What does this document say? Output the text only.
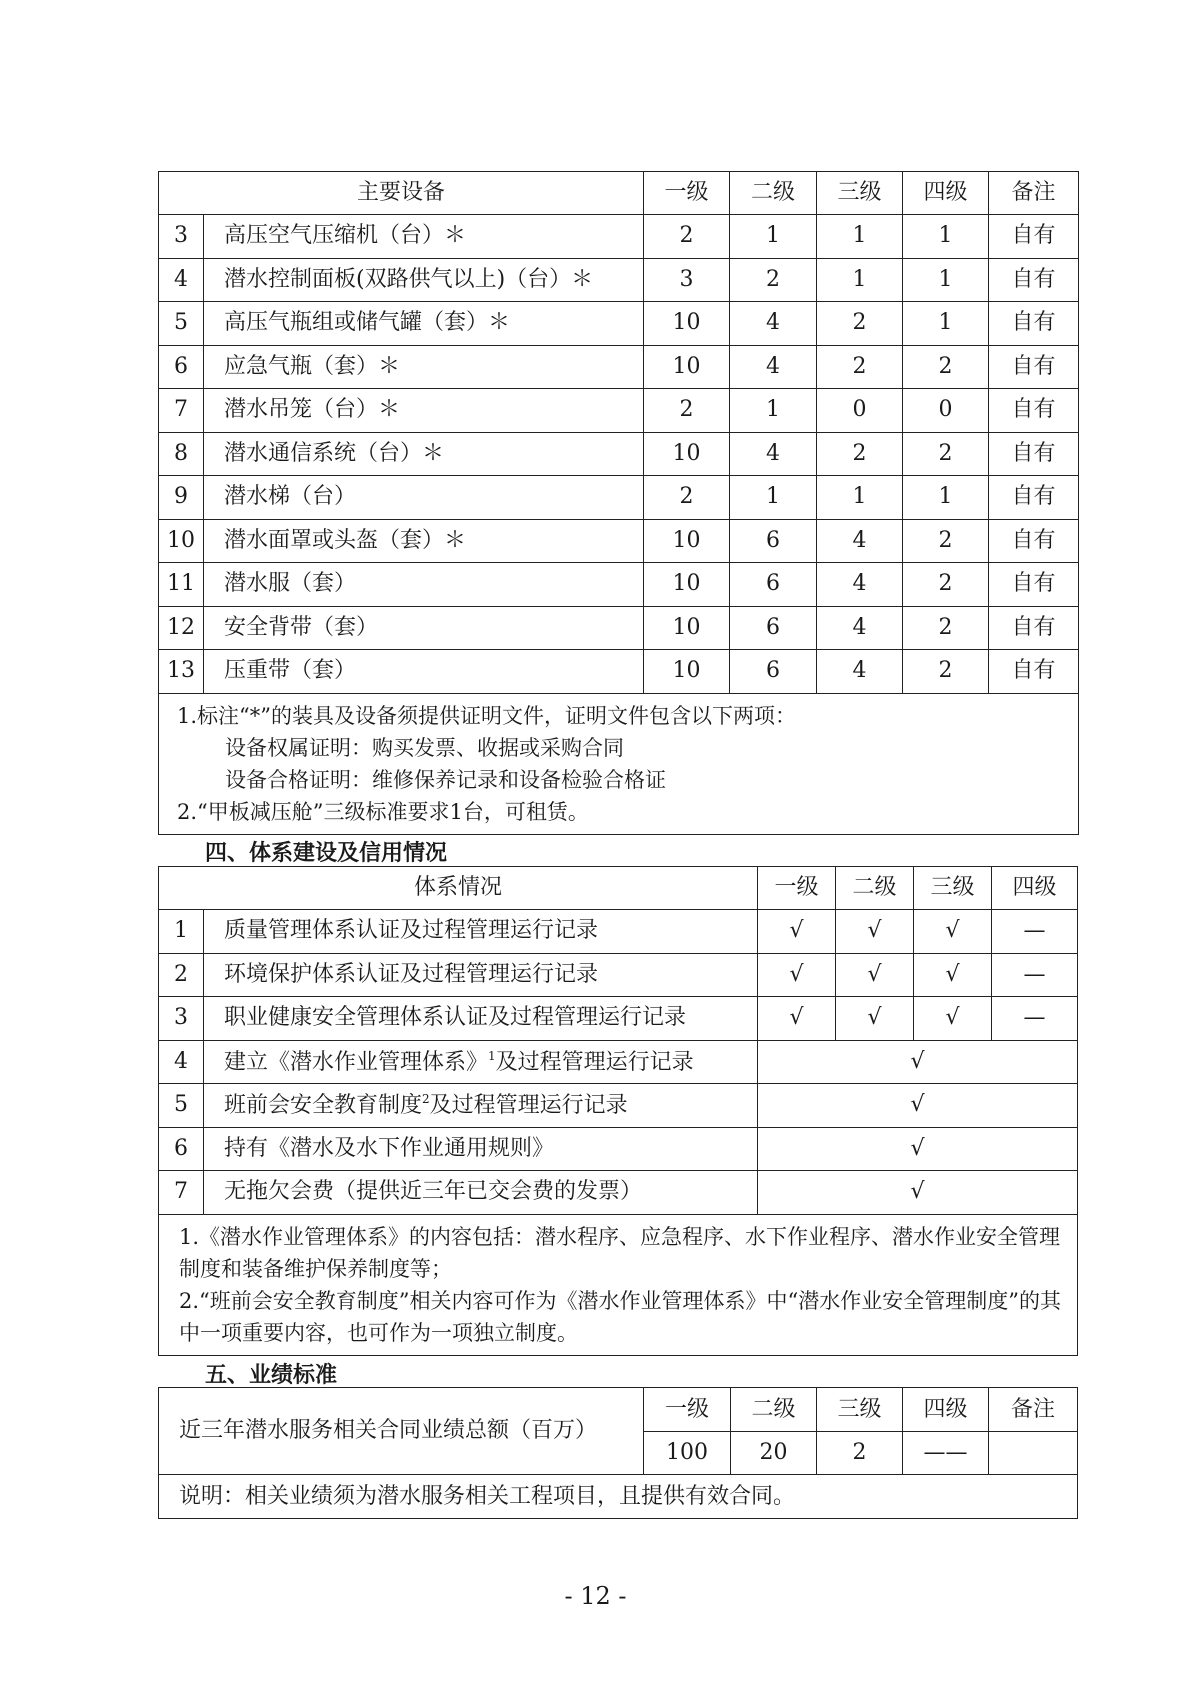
主要设备		一级	二级	三级	四级	备注
3	高压空气压缩机（台）＊	2	1	1	1	自有
4	潜水控制面板(双路供气以上)（台）＊	3	2	1	1	自有
5	高压气瓶组或储气罐（套）＊	10	4	2	1	自有
6	应急气瓶（套）＊	10	4	2	2	自有
7	潜水吊笼（台）＊	2	1	0	0	自有
8	潜水通信系统（台）＊	10	4	2	2	自有
9	潜水梯（台）	2	1	1	1	自有
10	潜水面罩或头盔（套）＊	10	6	4	2	自有
11	潜水服（套）	10	6	4	2	自有
12	安全背带（套）	10	6	4	2	自有
13	压重带（套）	10	6	4	2	自有

1.标注“*”的装具及设备须提供证明文件，证明文件包含以下两项：
设备权属证明：购买发票、收据或采购合同
设备合格证明：维修保养记录和设备检验合格证
2.“甲板减压舱”三级标准要求1台，可租赁。						
四、体系建设及信用情况
体系情况		一级	二级	三级	四级
1	质量管理体系认证及过程管理运行记录	√	√	√	—
2	环境保护体系认证及过程管理运行记录	√	√	√	—
3	职业健康安全管理体系认证及过程管理运行记录	√	√	√	—
4	建立《潜水作业管理体系》$^1$及过程管理运行记录	√			
5	班前会安全教育制度$^2$及过程管理运行记录	√			
6	持有《潜水及水下作业通用规则》	√			
7	无拖欠会费（提供近三年已交会费的发票）	√			

1.《潜水作业管理体系》的内容包括：潜水程序、应急程序、水下作业程序、潜水作业安全管理制度和装备维护保养制度等；
2.“班前会安全教育制度”相关内容可作为《潜水作业管理体系》中“潜水作业安全管理制度”的其中一项重要内容，也可作为一项独立制度。					
五、业绩标准
近三年潜水服务相关合同业绩总额（百万）	一级	二级	三级	四级	备注
	100	20	2	——	
说明：相关业绩须为潜水服务相关工程项目，且提供有效合同。					
- 12 -
